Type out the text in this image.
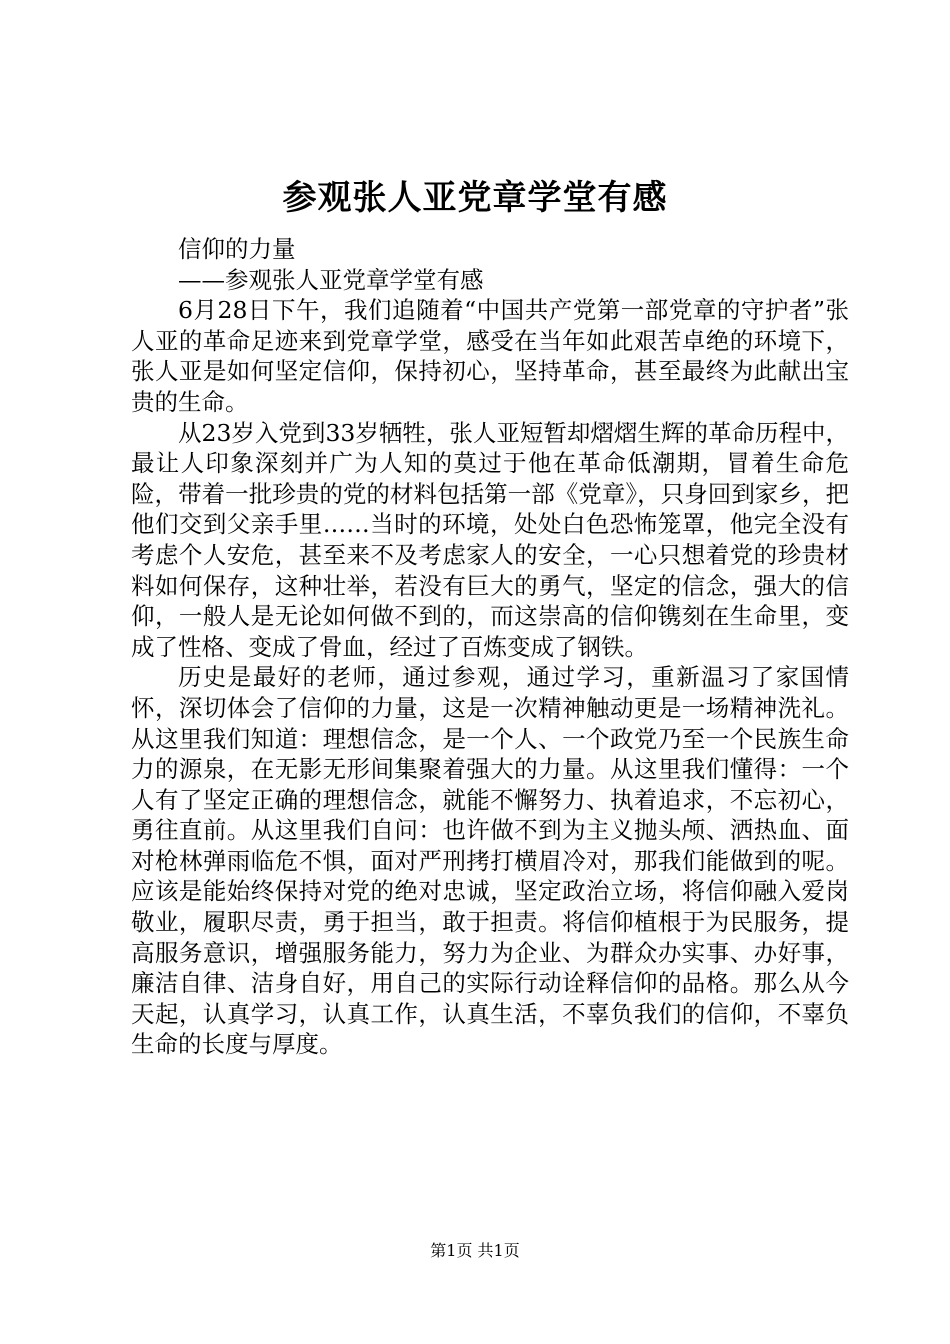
参观张人亚党章学堂有感

信仰的力量

——参观张人亚党章学堂有感

6月28日下午，我们追随着“中国共产党第一部党章的守护者”张人亚的革命足迹来到党章学堂，感受在当年如此艰苦卓绝的环境下，张人亚是如何坚定信仰，保持初心，坚持革命，甚至最终为此献出宝贵的生命。

从23岁入党到33岁牺牲，张人亚短暂却熠熠生辉的革命历程中，最让人印象深刻并广为人知的莫过于他在革命低潮期，冒着生命危险，带着一批珍贵的党的材料包括第一部《党章》，只身回到家乡，把他们交到父亲手里……当时的环境，处处白色恐怖笼罩，他完全没有考虑个人安危，甚至来不及考虑家人的安全，一心只想着党的珍贵材料如何保存，这种壮举，若没有巨大的勇气，坚定的信念，强大的信仰，一般人是无论如何做不到的，而这崇高的信仰镌刻在生命里，变成了性格、变成了骨血，经过了百炼变成了钢铁。

历史是最好的老师，通过参观，通过学习，重新温习了家国情怀，深切体会了信仰的力量，这是一次精神触动更是一场精神洗礼。从这里我们知道：理想信念，是一个人、一个政党乃至一个民族生命力的源泉，在无影无形间集聚着强大的力量。从这里我们懂得：一个人有了坚定正确的理想信念，就能不懈努力、执着追求，不忘初心，勇往直前。从这里我们自问：也许做不到为主义抛头颅、洒热血、面对枪林弹雨临危不惧，面对严刑拷打横眉冷对，那我们能做到的呢。应该是能始终保持对党的绝对忠诚，坚定政治立场，将信仰融入爱岗敬业，履职尽责，勇于担当，敢于担责。将信仰植根于为民服务，提高服务意识，增强服务能力，努力为企业、为群众办实事、办好事，廉洁自律、洁身自好，用自己的实际行动诠释信仰的品格。那么从今天起，认真学习，认真工作，认真生活，不辜负我们的信仰，不辜负生命的长度与厚度。

第1页 共1页
